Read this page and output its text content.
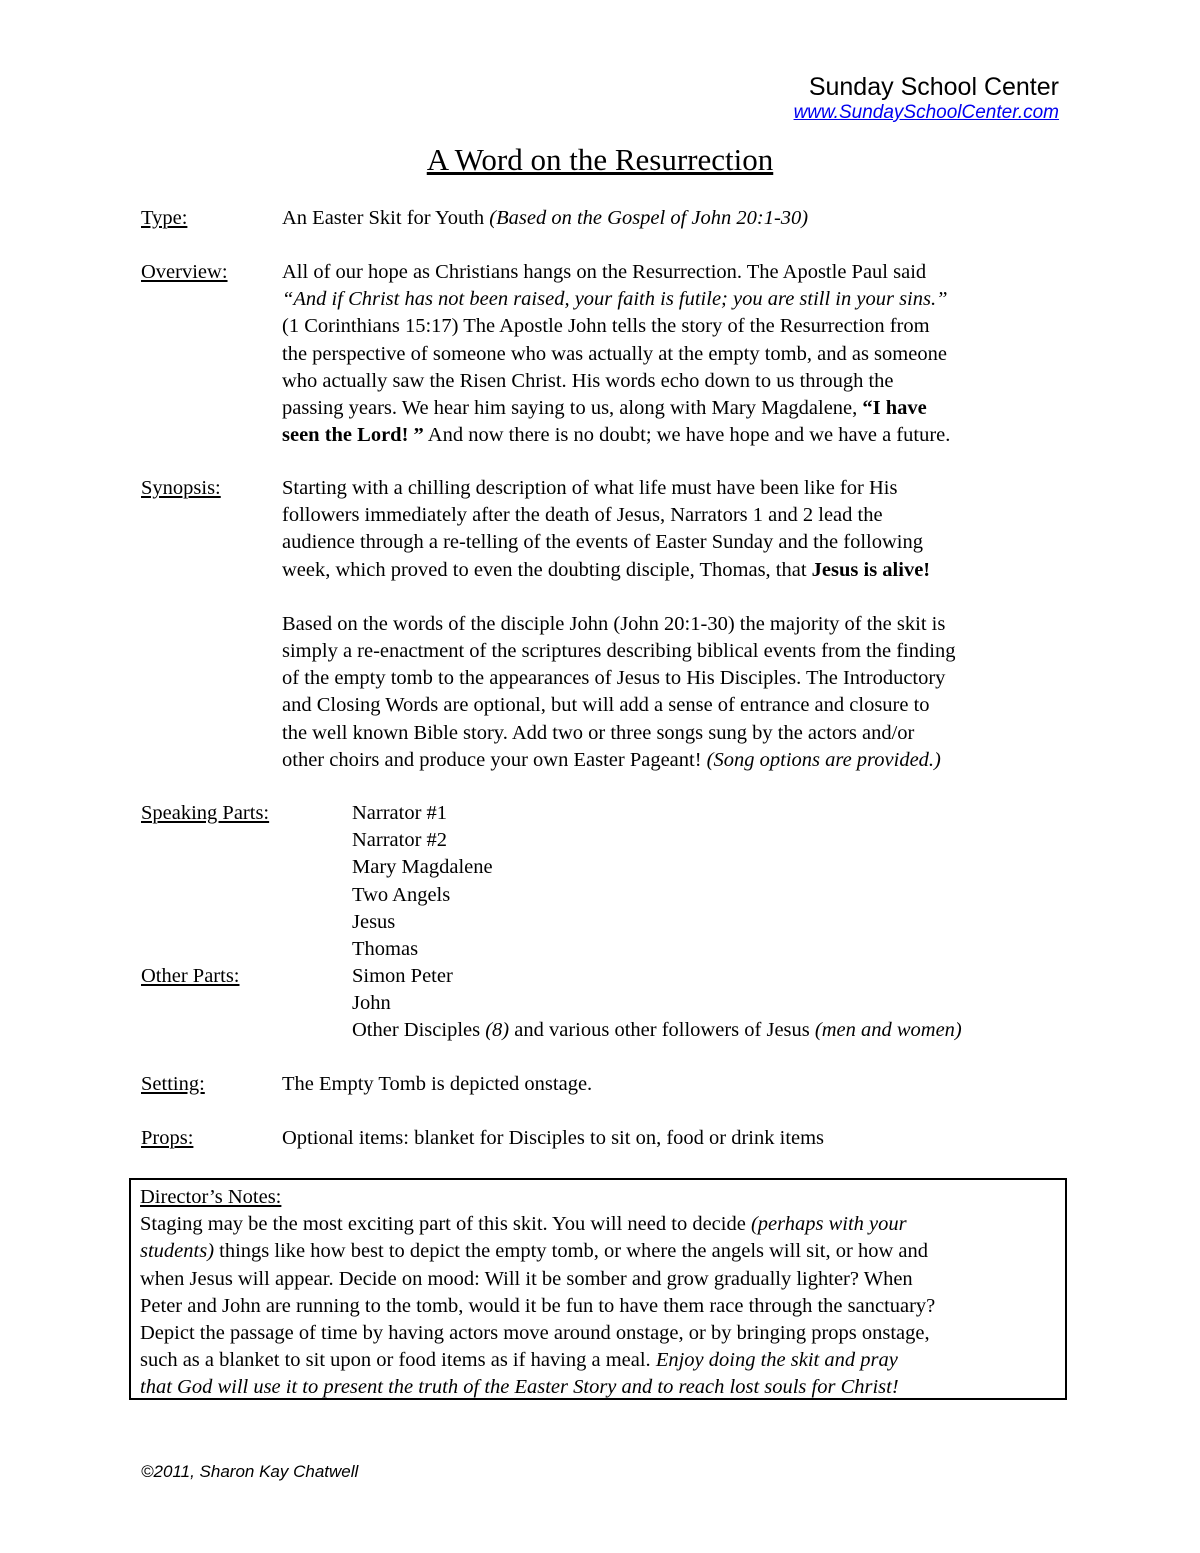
Sunday School Center
www.SundaySchoolCenter.com
A Word on the Resurrection
Type:	An Easter Skit for Youth (Based on the Gospel of John 20:1-30)
Overview:	All of our hope as Christians hangs on the Resurrection. The Apostle Paul said
“And if Christ has not been raised, your faith is futile; you are still in your sins.”
(1 Corinthians 15:17) The Apostle John tells the story of the Resurrection from
the perspective of someone who was actually at the empty tomb, and as someone
who actually saw the Risen Christ. His words echo down to us through the
passing years. We hear him saying to us, along with Mary Magdalene, “I have
seen the Lord! ” And now there is no doubt; we have hope and we have a future.
Synopsis:	Starting with a chilling description of what life must have been like for His
followers immediately after the death of Jesus, Narrators 1 and 2 lead the
audience through a re-telling of the events of Easter Sunday and the following
week, which proved to even the doubting disciple, Thomas, that Jesus is alive!
Based on the words of the disciple John (John 20:1-30) the majority of the skit is
simply a re-enactment of the scriptures describing biblical events from the finding
of the empty tomb to the appearances of Jesus to His Disciples. The Introductory
and Closing Words are optional, but will add a sense of entrance and closure to
the well known Bible story. Add two or three songs sung by the actors and/or
other choirs and produce your own Easter Pageant! (Song options are provided.)
Speaking Parts:	Narrator #1
Narrator #2
Mary Magdalene
Two Angels
Jesus
Thomas
Other Parts:	Simon Peter
John
Other Disciples (8) and various other followers of Jesus (men and women)
Setting:	The Empty Tomb is depicted onstage.
Props:	Optional items: blanket for Disciples to sit on, food or drink items
Director’s Notes:
Staging may be the most exciting part of this skit. You will need to decide (perhaps with your
students) things like how best to depict the empty tomb, or where the angels will sit, or how and
when Jesus will appear. Decide on mood: Will it be somber and grow gradually lighter? When
Peter and John are running to the tomb, would it be fun to have them race through the sanctuary?
Depict the passage of time by having actors move around onstage, or by bringing props onstage,
such as a blanket to sit upon or food items as if having a meal. Enjoy doing the skit and pray
that God will use it to present the truth of the Easter Story and to reach lost souls for Christ!
©2011, Sharon Kay Chatwell
